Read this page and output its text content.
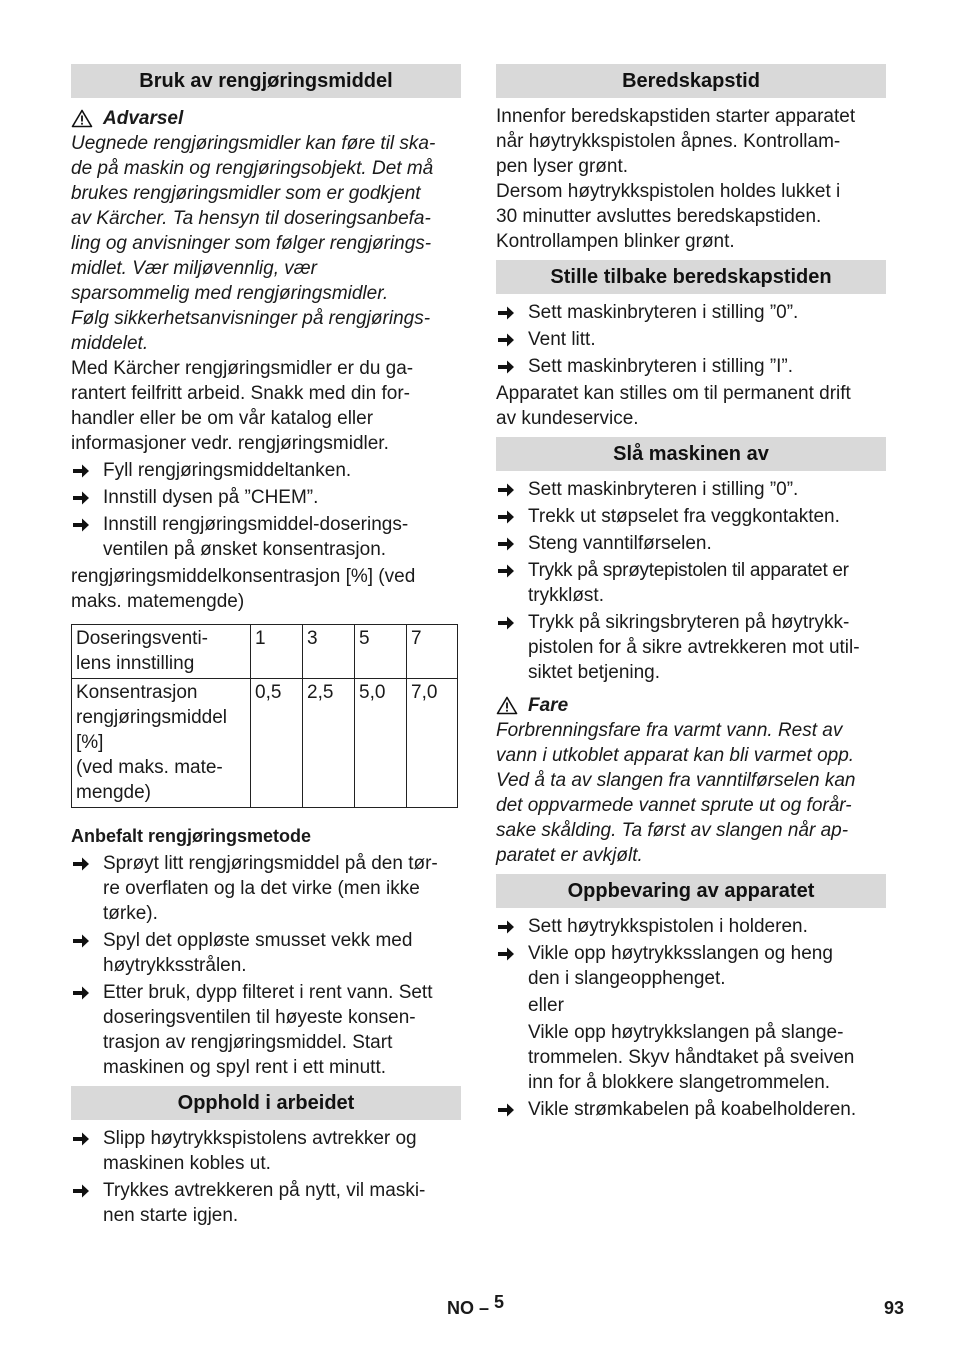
Bruk av rengjøringsmiddel
Advarsel
Uegnede rengjøringsmidler kan føre til ska-
de på maskin og rengjøringsobjekt. Det må
brukes rengjøringsmidler som er godkjent
av Kärcher. Ta hensyn til doseringsanbefa-
ling og anvisninger som følger rengjørings-
midlet. Vær miljøvennlig, vær
sparsommelig med rengjøringsmidler.
Følg sikkerhetsanvisninger på rengjørings-
middelet.
Med Kärcher rengjøringsmidler er du ga-
rantert feilfritt arbeid. Snakk med din for-
handler eller be om vår katalog eller
informasjoner vedr. rengjøringsmidler.
Fyll rengjøringsmiddeltanken.
Innstill dysen på ”CHEM”.
Innstill rengjøringsmiddel-doserings-
ventilen på ønsket konsentrasjon.
rengjøringsmiddelkonsentrasjon [%] (ved
maks. matemengde)
Doseringsventi-
lens innstilling	1	3	5	7

Konsentrasjon
rengjøringsmiddel
[%]
(ved maks. mate-
mengde)	0,5	2,5	5,0	7,0
Anbefalt rengjøringsmetode
Sprøyt litt rengjøringsmiddel på den tør-
re overflaten og la det virke (men ikke
tørke).
Spyl det oppløste smusset vekk med
høytrykksstrålen.
Etter bruk, dypp filteret i rent vann. Sett
doseringsventilen til høyeste konsen-
trasjon av rengjøringsmiddel. Start
maskinen og spyl rent i ett minutt.
Opphold i arbeidet
Slipp høytrykkspistolens avtrekker og
maskinen kobles ut.
Trykkes avtrekkeren på nytt, vil maski-
nen starte igjen.
Beredskapstid
Innenfor beredskapstiden starter apparatet
når høytrykkspistolen åpnes. Kontrollam-
pen lyser grønt.
Dersom høytrykkspistolen holdes lukket i
30 minutter avsluttes beredskapstiden.
Kontrollampen blinker grønt.
Stille tilbake beredskapstiden
Sett maskinbryteren i stilling ”0”.
Vent litt.
Sett maskinbryteren i stilling ”I”.
Apparatet kan stilles om til permanent drift
av kundeservice.
Slå maskinen av
Sett maskinbryteren i stilling ”0”.
Trekk ut støpselet fra veggkontakten.
Steng vanntilførselen.
Trykk på sprøytepistolen til apparatet er
trykkløst.
Trykk på sikringsbryteren på høytrykk-
pistolen for å sikre avtrekkeren mot util-
siktet betjening.
Fare
Forbrenningsfare fra varmt vann. Rest av
vann i utkoblet apparat kan bli varmet opp.
Ved å ta av slangen fra vanntilførselen kan
det oppvarmede vannet sprute ut og forår-
sake skålding. Ta først av slangen når ap-
paratet er avkjølt.
Oppbevaring av apparatet
Sett høytrykkspistolen i holderen.
Vikle opp høytrykksslangen og heng
den i slangeopphenget.
eller
Vikle opp høytrykkslangen på slange-
trommelen. Skyv håndtaket på sveiven
inn for å blokkere slangetrommelen.
Vikle strømkabelen på koabelholderen.
NO – 5	93
